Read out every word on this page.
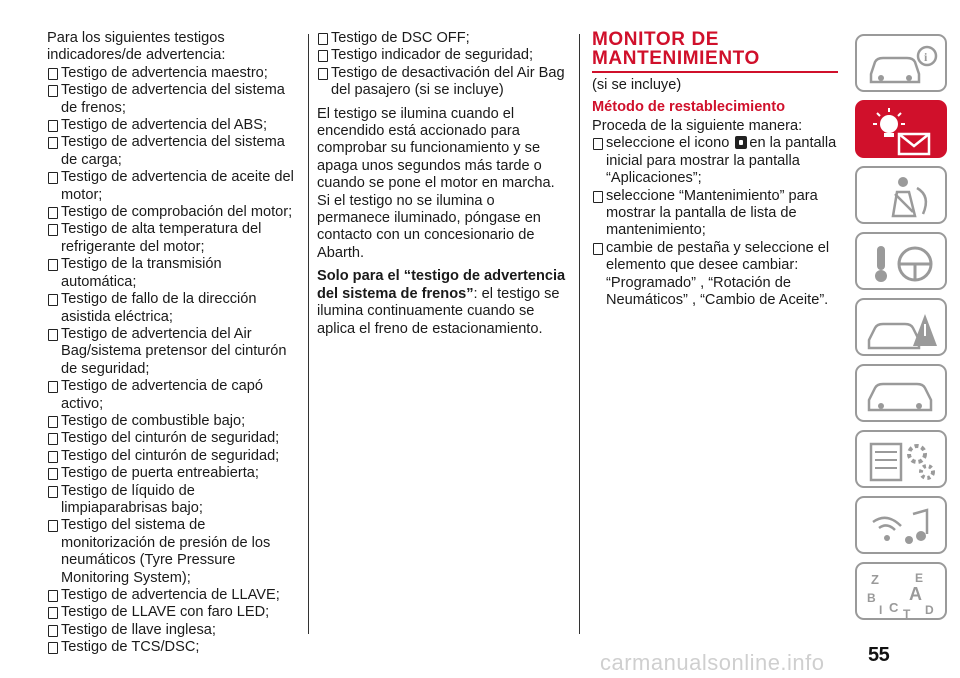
Para los siguientes testigos indicadores/de advertencia:

Testigo de advertencia maestro;

Testigo de advertencia del sistema de frenos;

Testigo de advertencia del ABS;

Testigo de advertencia del sistema de carga;

Testigo de advertencia de aceite del motor;

Testigo de comprobación del motor;

Testigo de alta temperatura del refrigerante del motor;

Testigo de la transmisión automática;

Testigo de fallo de la dirección asistida eléctrica;

Testigo de advertencia del Air Bag/sistema pretensor del cinturón de seguridad;

Testigo de advertencia de capó activo;

Testigo de combustible bajo;

Testigo del cinturón de seguridad;

Testigo del cinturón de seguridad;

Testigo de puerta entreabierta;

Testigo de líquido de limpiaparabrisas bajo;

Testigo del sistema de monitorización de presión de los neumáticos (Tyre Pressure Monitoring System);

Testigo de advertencia de LLAVE;

Testigo de LLAVE con faro LED;

Testigo de llave inglesa;

Testigo de TCS/DSC;

Testigo de DSC OFF;

Testigo indicador de seguridad;

Testigo de desactivación del Air Bag del pasajero (si se incluye)

El testigo se ilumina cuando el encendido está accionado para comprobar su funcionamiento y se apaga unos segundos más tarde o cuando se pone el motor en marcha. Si el testigo no se ilumina o permanece iluminado, póngase en contacto con un concesionario de Abarth.

Solo para el “testigo de advertencia del sistema de frenos”: el testigo se ilumina continuamente cuando se aplica el freno de estacionamiento.

MONITOR DE
MANTENIMIENTO

(si se incluye)

Método de restablecimiento

Proceda de la siguiente manera:

seleccione el icono en la pantalla inicial para mostrar la pantalla “Aplicaciones”;

seleccione “Mantenimiento” para mostrar la pantalla de lista de mantenimiento;

cambie de pestaña y seleccione el elemento que desee cambiar: “Programado” , “Rotación de Neumáticos” , “Cambio de Aceite”.

i
Z	E
B A
I C T D
55
carmanualsonline.info
